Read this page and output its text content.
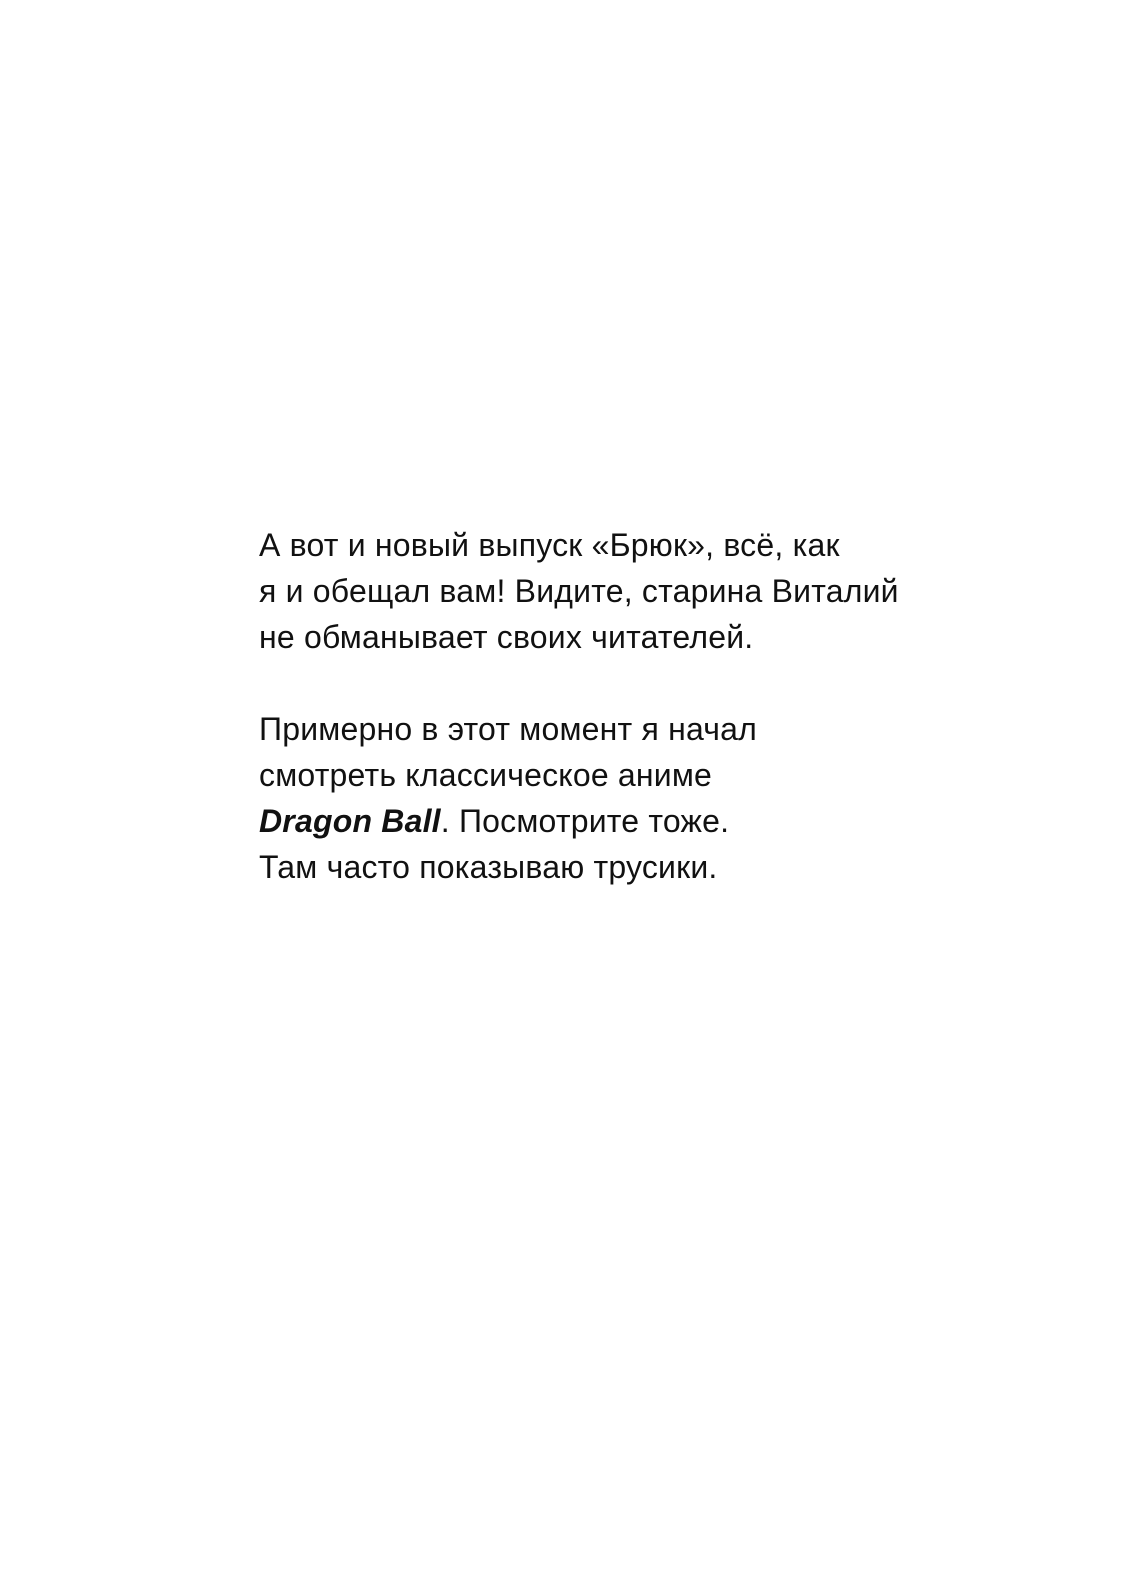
А вот и новый выпуск «Брюк», всё, как
я и обещал вам! Видите, старина Виталий
не обманывает своих читателей.

Примерно в этот момент я начал
смотреть классическое аниме
Dragon Ball. Посмотрите тоже.
Там часто показываю трусики.
